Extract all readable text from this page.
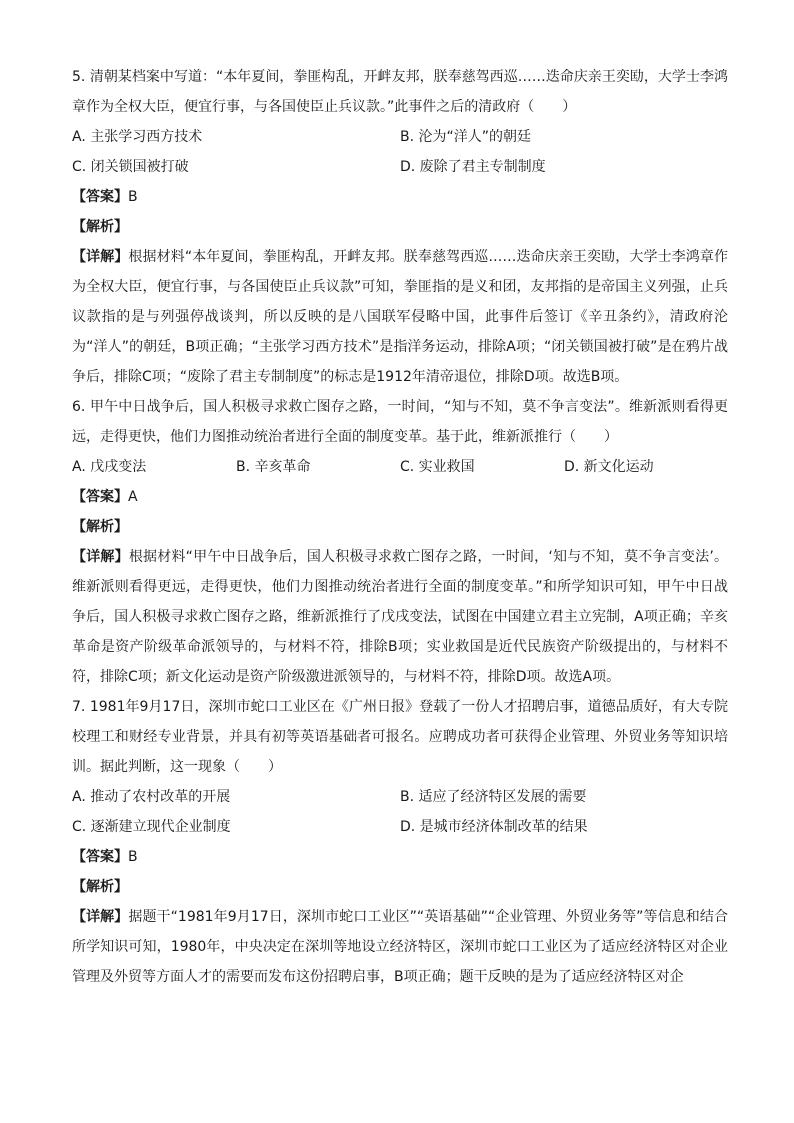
5. 清朝某档案中写道：“本年夏间，拳匪构乱，开衅友邦，朕奉慈驾西巡……迭命庆亲王奕劻，大学士李鸿章作为全权大臣，便宜行事，与各国使臣止兵议款。”此事件之后的清政府（　　）

A. 主张学习西方技术	B. 沦为“洋人”的朝廷
C. 闭关锁国被打破	D. 废除了君主专制制度

【答案】B

【解析】

【详解】根据材料“本年夏间，拳匪构乱，开衅友邦。朕奉慈驾西巡……迭命庆亲王奕劻，大学士李鸿章作为全权大臣，便宜行事，与各国使臣止兵议款”可知，拳匪指的是义和团，友邦指的是帝国主义列强，止兵议款指的是与列强停战谈判，所以反映的是八国联军侵略中国，此事件后签订《辛丑条约》，清政府沦为“洋人”的朝廷，B项正确；“主张学习西方技术”是指洋务运动，排除A项；“闭关锁国被打破”是在鸦片战争后，排除C项；“废除了君主专制制度”的标志是1912年清帝退位，排除D项。故选B项。

6. 甲午中日战争后，国人积极寻求救亡图存之路，一时间，“知与不知，莫不争言变法”。维新派则看得更远，走得更快，他们力图推动统治者进行全面的制度变革。基于此，维新派推行（　　）

A. 戊戌变法	B. 辛亥革命	C. 实业救国	D. 新文化运动

【答案】A

【解析】

【详解】根据材料“甲午中日战争后，国人积极寻求救亡图存之路，一时间，‘知与不知，莫不争言变法’。维新派则看得更远，走得更快，他们力图推动统治者进行全面的制度变革。”和所学知识可知，甲午中日战争后，国人积极寻求救亡图存之路，维新派推行了戊戌变法，试图在中国建立君主立宪制，A项正确；辛亥革命是资产阶级革命派领导的，与材料不符，排除B项；实业救国是近代民族资产阶级提出的，与材料不符，排除C项；新文化运动是资产阶级激进派领导的，与材料不符，排除D项。故选A项。

7. 1981年9月17日，深圳市蛇口工业区在《广州日报》登载了一份人才招聘启事，道德品质好，有大专院校理工和财经专业背景，并具有初等英语基础者可报名。应聘成功者可获得企业管理、外贸业务等知识培训。据此判断，这一现象（　　）

A. 推动了农村改革的开展	B. 适应了经济特区发展的需要
C. 逐渐建立现代企业制度	D. 是城市经济体制改革的结果

【答案】B

【解析】

【详解】据题干“1981年9月17日，深圳市蛇口工业区”“英语基础”“企业管理、外贸业务等”等信息和结合所学知识可知，1980年，中央决定在深圳等地设立经济特区，深圳市蛇口工业区为了适应经济特区对企业管理及外贸等方面人才的需要而发布这份招聘启事，B项正确；题干反映的是为了适应经济特区对企
